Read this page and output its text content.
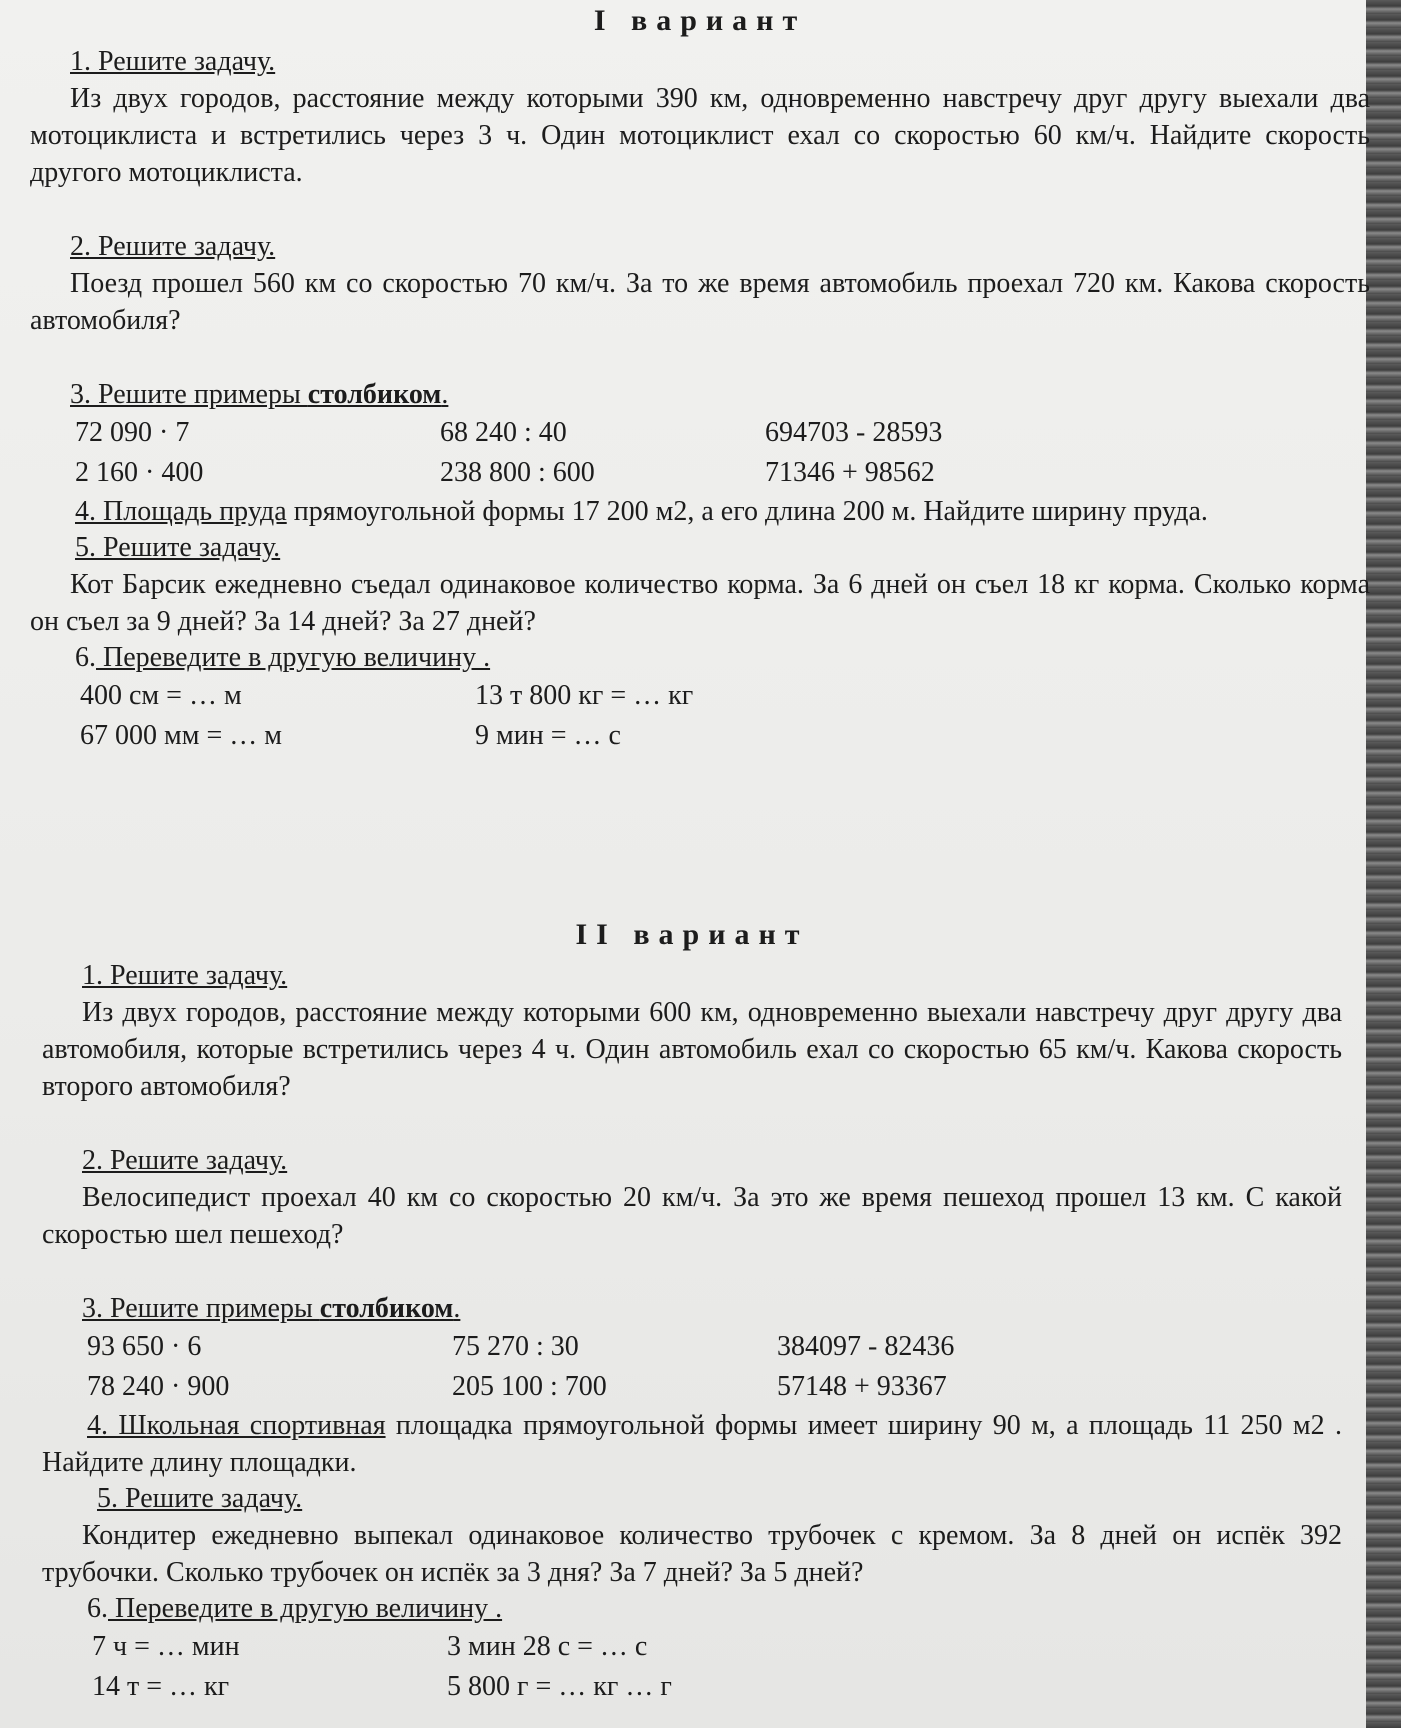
I вариант
1. Решите задачу.

Из двух городов, расстояние между которыми 390 км, одновременно навстречу друг другу выехали два мотоциклиста и встретились через 3 ч. Один мотоциклист ехал со скоростью 60 км/ч. Найдите скорость другого мотоциклиста.

2. Решите задачу.

Поезд прошел 560 км со скоростью 70 км/ч. За то же время автомобиль проехал 720 км. Какова скорость автомобиля?

3. Решите примеры столбиком.
72 090 · 7
2 160 · 400
68 240 : 40
238 800 : 600
694703 - 28593
71346 + 98562

4. Площадь пруда прямоугольной формы 17 200 м2, а его длина 200 м. Найдите ширину пруда.

5. Решите задачу.

Кот Барсик ежедневно съедал одинаковое количество корма. За 6 дней он съел 18 кг корма. Сколько корма он съел за 9 дней? За 14 дней? За 27 дней?

6. Переведите в другую величину .
400 см = … м
67 000 мм = … м
13 т 800 кг = … кг
9 мин = … с
II вариант
1. Решите задачу.

Из двух городов, расстояние между которыми 600 км, одновременно выехали навстречу друг другу два автомобиля, которые встретились через 4 ч. Один автомобиль ехал со скоростью 65 км/ч. Какова скорость второго автомобиля?

2. Решите задачу.

Велосипедист проехал 40 км со скоростью 20 км/ч. За это же время пешеход прошел 13 км. С какой скоростью шел пешеход?

3. Решите примеры столбиком.
93 650 · 6
78 240 · 900
75 270 : 30
205 100 : 700
384097 - 82436
57148 + 93367

4. Школьная спортивная площадка прямоугольной формы имеет ширину 90 м, а площадь 11 250 м2 . Найдите длину площадки.

5. Решите задачу.

Кондитер ежедневно выпекал одинаковое количество трубочек с кремом. За 8 дней он испёк 392 трубочки. Сколько трубочек он испёк за 3 дня? За 7 дней? За 5 дней?

6. Переведите в другую величину .
7 ч = … мин
14 т = … кг
3 мин 28 с = … с
5 800 г = … кг … г
